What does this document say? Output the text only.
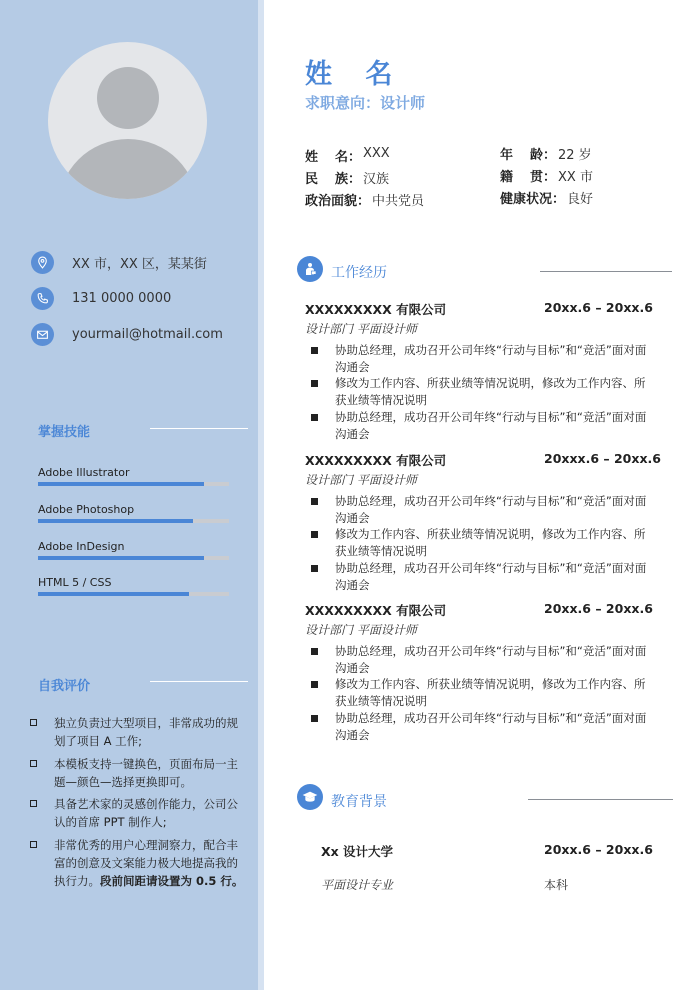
XX 市，XX 区，某某街
131 0000 0000
yourmail@hotmail.com
掌握技能
Adobe Illustrator
Adobe Photoshop
Adobe InDesign
HTML 5 / CSS
自我评价
独立负责过大型项目，非常成功的规划了项目 A 工作;
本模板支持一键换色，页面布局一主题—颜色—选择更换即可。
具备艺术家的灵感创作能力，公司公认的首席 PPT 制作人;
非常优秀的用户心理洞察力，配合丰富的创意及文案能力极大地提高我的执行力。段前间距请设置为 0.5 行。
姓 名
求职意向：设计师
姓 名： XXX
民 族： 汉族
政治面貌： 中共党员
年 龄： 22 岁
籍 贯： XX 市
健康状况： 良好
工作经历
XXXXXXXXX 有限公司	20xx.6 – 20xx.6
设计部门 平面设计师
协助总经理，成功召开公司年终“行动与目标”和“竞活”面对面沟通会
修改为工作内容、所获业绩等情况说明，修改为工作内容、所获业绩等情况说明
协助总经理，成功召开公司年终“行动与目标”和“竞活”面对面沟通会
XXXXXXXXX 有限公司	20xxx.6 – 20xx.6
设计部门 平面设计师
协助总经理，成功召开公司年终“行动与目标”和“竞活”面对面沟通会
修改为工作内容、所获业绩等情况说明，修改为工作内容、所获业绩等情况说明
协助总经理，成功召开公司年终“行动与目标”和“竞活”面对面沟通会
XXXXXXXXX 有限公司	20xx.6 – 20xx.6
设计部门 平面设计师
协助总经理，成功召开公司年终“行动与目标”和“竞活”面对面沟通会
修改为工作内容、所获业绩等情况说明，修改为工作内容、所获业绩等情况说明
协助总经理，成功召开公司年终“行动与目标”和“竞活”面对面沟通会
教育背景
Xx 设计大学	20xx.6 – 20xx.6
平面设计专业	本科
